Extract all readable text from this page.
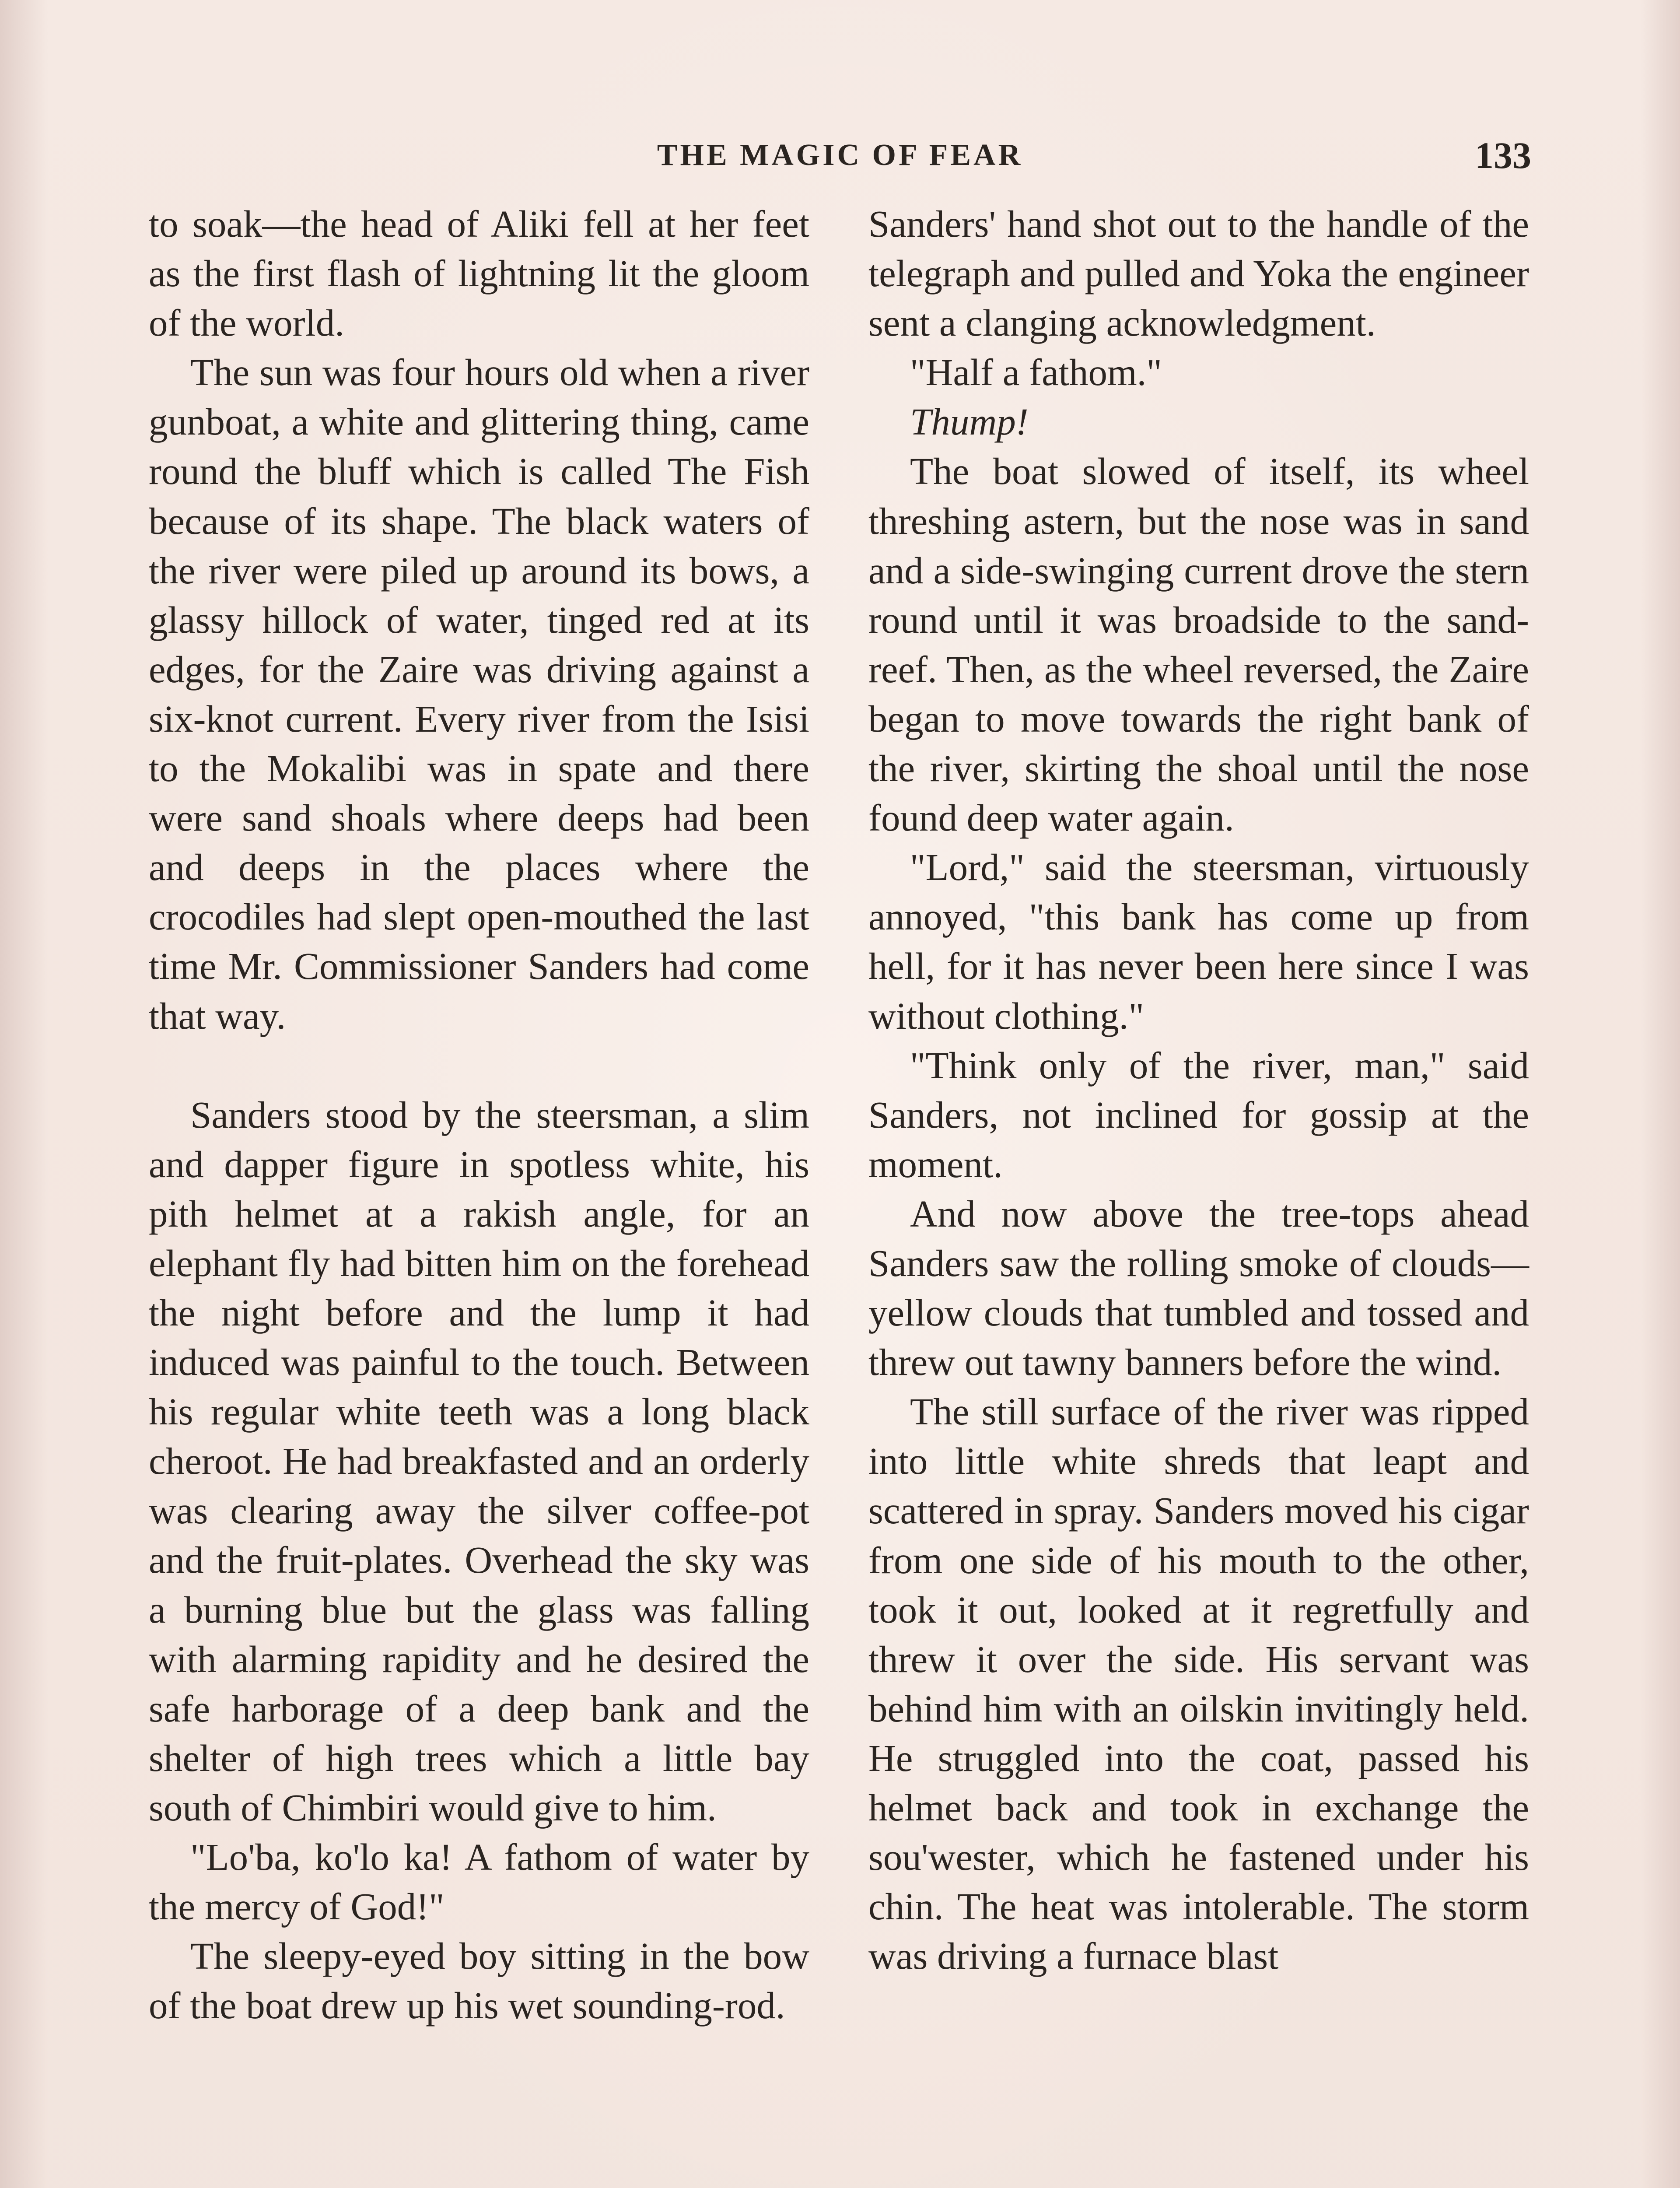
THE MAGIC OF FEAR	133

to soak—the head of Aliki fell at her feet as the first flash of lightning lit the gloom of the world.

The sun was four hours old when a river gunboat, a white and glittering thing, came round the bluff which is called The Fish because of its shape. The black waters of the river were piled up around its bows, a glassy hillock of water, tinged red at its edges, for the Zaire was driving against a six-knot current. Every river from the Isisi to the Mokalibi was in spate and there were sand shoals where deeps had been and deeps in the places where the crocodiles had slept open-mouthed the last time Mr. Commissioner Sanders had come that way.

Sanders stood by the steersman, a slim and dapper figure in spotless white, his pith helmet at a rakish angle, for an elephant fly had bitten him on the forehead the night before and the lump it had induced was painful to the touch. Between his regular white teeth was a long black cheroot. He had breakfasted and an orderly was clearing away the silver coffee-pot and the fruit-plates. Overhead the sky was a burning blue but the glass was falling with alarming rapidity and he desired the safe harborage of a deep bank and the shelter of high trees which a little bay south of Chimbiri would give to him.

"Lo'ba, ko'lo ka! A fathom of water by the mercy of God!"

The sleepy-eyed boy sitting in the bow of the boat drew up his wet sounding-rod.

Sanders' hand shot out to the handle of the telegraph and pulled and Yoka the engineer sent a clanging acknowledgment.

"Half a fathom."

Thump!

The boat slowed of itself, its wheel threshing astern, but the nose was in sand and a side-swinging current drove the stern round until it was broadside to the sand-reef. Then, as the wheel reversed, the Zaire began to move towards the right bank of the river, skirting the shoal until the nose found deep water again.

"Lord," said the steersman, virtuously annoyed, "this bank has come up from hell, for it has never been here since I was without clothing."

"Think only of the river, man," said Sanders, not inclined for gossip at the moment.

And now above the tree-tops ahead Sanders saw the rolling smoke of clouds—yellow clouds that tumbled and tossed and threw out tawny banners before the wind.

The still surface of the river was ripped into little white shreds that leapt and scattered in spray. Sanders moved his cigar from one side of his mouth to the other, took it out, looked at it regretfully and threw it over the side. His servant was behind him with an oilskin invitingly held. He struggled into the coat, passed his helmet back and took in exchange the sou'wester, which he fastened under his chin. The heat was intolerable. The storm was driving a furnace blast
